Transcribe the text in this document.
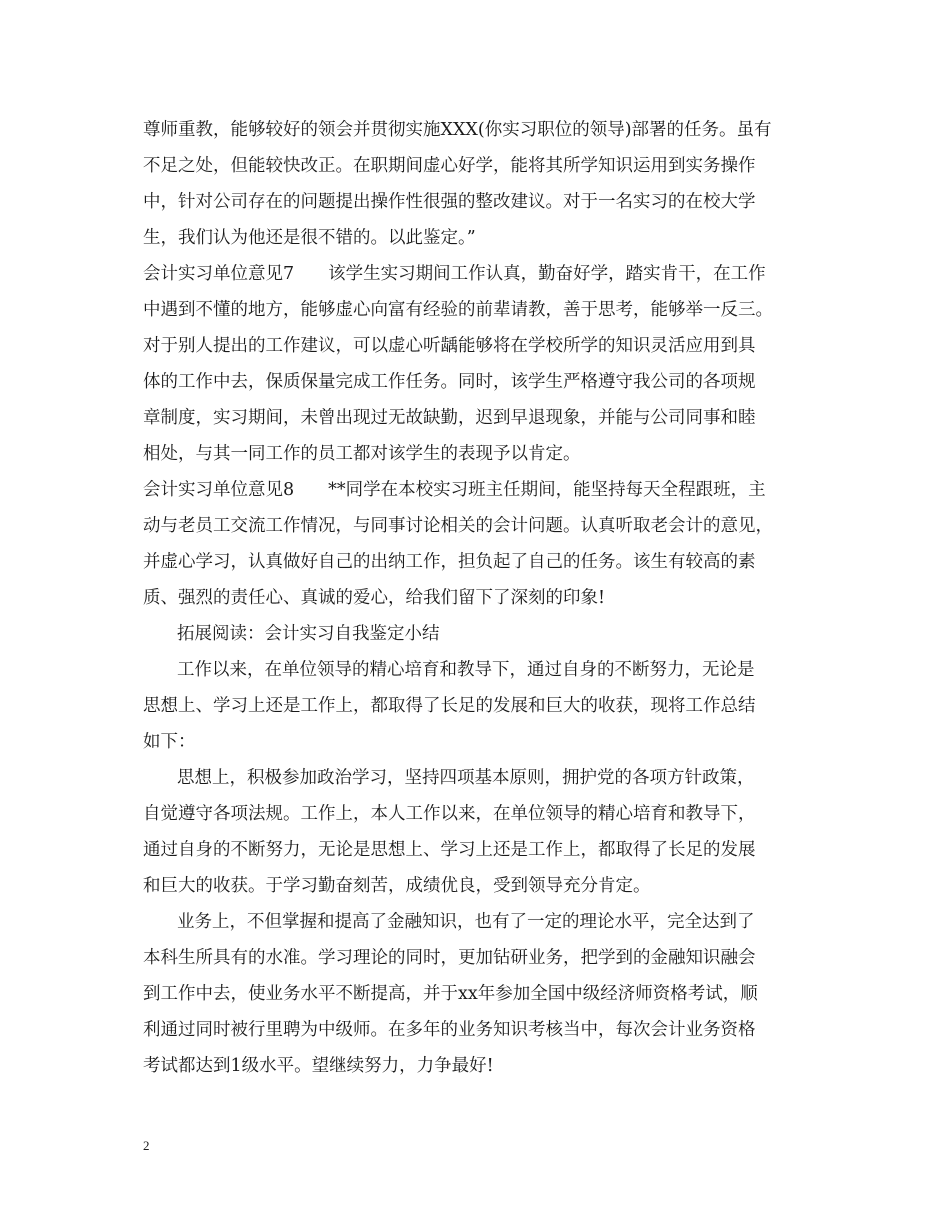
尊师重教，能够较好的领会并贯彻实施XXX(你实习职位的领导)部署的任务。虽有
不足之处，但能较快改正。在职期间虚心好学，能将其所学知识运用到实务操作
中，针对公司存在的问题提出操作性很强的整改建议。对于一名实习的在校大学
生，我们认为他还是很不错的。以此鉴定。”
会计实习单位意见7 该学生实习期间工作认真，勤奋好学，踏实肯干，在工作
中遇到不懂的地方，能够虚心向富有经验的前辈请教，善于思考，能够举一反三。
对于别人提出的工作建议，可以虚心听龋能够将在学校所学的知识灵活应用到具
体的工作中去，保质保量完成工作任务。同时，该学生严格遵守我公司的各项规
章制度，实习期间，未曾出现过无故缺勤，迟到早退现象，并能与公司同事和睦
相处，与其一同工作的员工都对该学生的表现予以肯定。
会计实习单位意见8 **同学在本校实习班主任期间，能坚持每天全程跟班，主
动与老员工交流工作情况，与同事讨论相关的会计问题。认真听取老会计的意见，
并虚心学习，认真做好自己的出纳工作，担负起了自己的任务。该生有较高的素
质、强烈的责任心、真诚的爱心，给我们留下了深刻的印象!
拓展阅读：会计实习自我鉴定小结
工作以来，在单位领导的精心培育和教导下，通过自身的不断努力，无论是
思想上、学习上还是工作上，都取得了长足的发展和巨大的收获，现将工作总结
如下：
思想上，积极参加政治学习，坚持四项基本原则，拥护党的各项方针政策，
自觉遵守各项法规。工作上，本人工作以来，在单位领导的精心培育和教导下，
通过自身的不断努力，无论是思想上、学习上还是工作上，都取得了长足的发展
和巨大的收获。于学习勤奋刻苦，成绩优良，受到领导充分肯定。
业务上，不但掌握和提高了金融知识，也有了一定的理论水平，完全达到了
本科生所具有的水准。学习理论的同时，更加钻研业务，把学到的金融知识融会
到工作中去，使业务水平不断提高，并于xx年参加全国中级经济师资格考试，顺
利通过同时被行里聘为中级师。在多年的业务知识考核当中，每次会计业务资格
考试都达到1级水平。望继续努力，力争最好!
2
